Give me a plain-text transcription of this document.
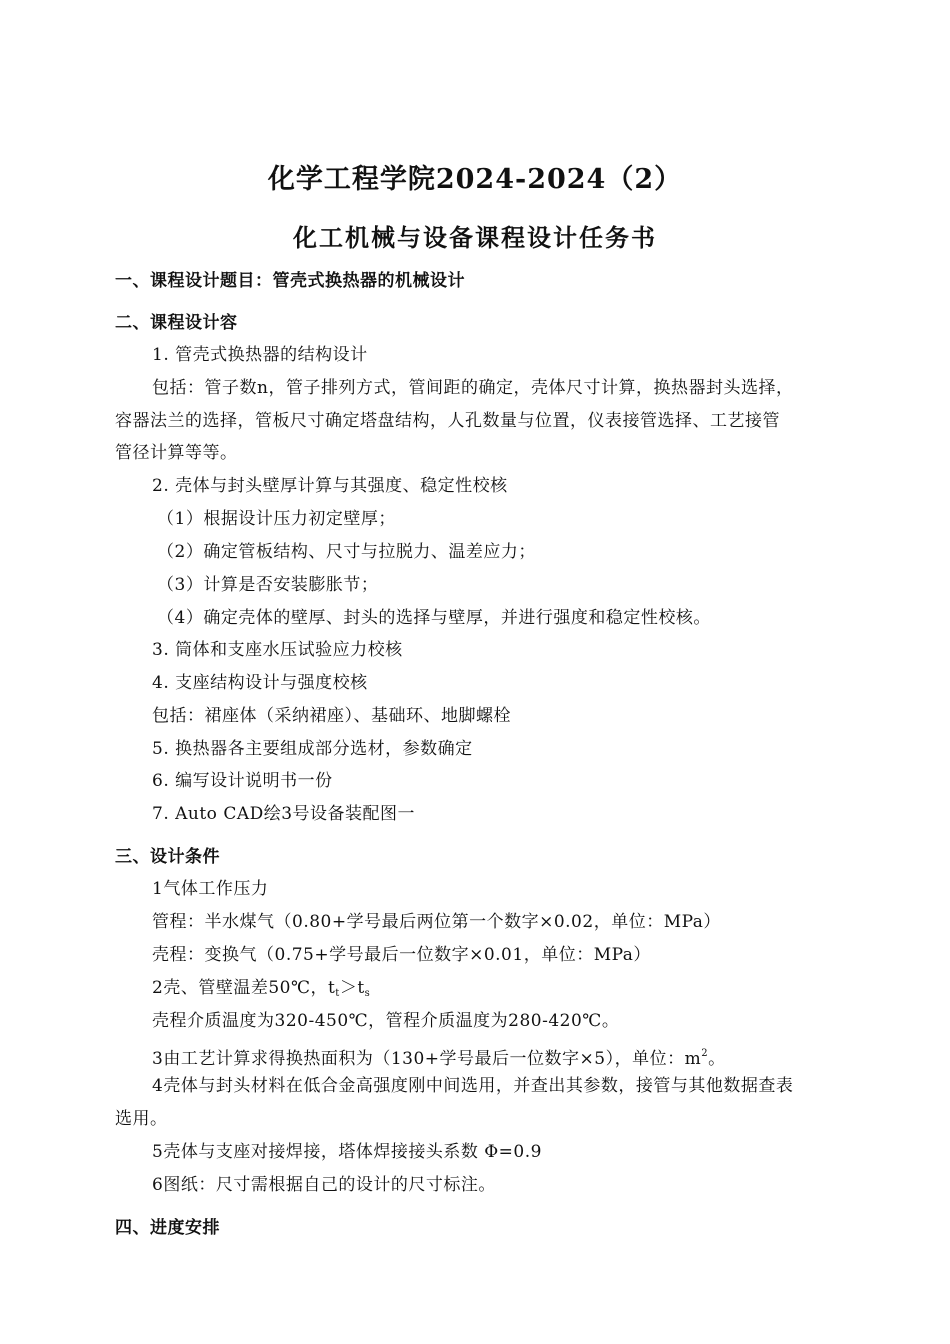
化学工程学院2024-2024（2）
化工机械与设备课程设计任务书
一、课程设计题目：管壳式换热器的机械设计
二、课程设计容
1. 管壳式换热器的结构设计
包括：管子数n，管子排列方式，管间距的确定，壳体尺寸计算，换热器封头选择，
容器法兰的选择，管板尺寸确定塔盘结构，人孔数量与位置，仪表接管选择、工艺接管
管径计算等等。
2. 壳体与封头壁厚计算与其强度、稳定性校核
（1）根据设计压力初定壁厚；
（2）确定管板结构、尺寸与拉脱力、温差应力；
（3）计算是否安装膨胀节；
（4）确定壳体的壁厚、封头的选择与壁厚，并进行强度和稳定性校核。
3. 筒体和支座水压试验应力校核
4. 支座结构设计与强度校核
包括：裙座体（采纳裙座）、基础环、地脚螺栓
5. 换热器各主要组成部分选材，参数确定
6. 编写设计说明书一份
7. Auto CAD绘3号设备装配图一
三、设计条件
1气体工作压力
管程：半水煤气（0.80+学号最后两位第一个数字×0.02，单位：MPa）
壳程：变换气（0.75+学号最后一位数字×0.01，单位：MPa）
2壳、管壁温差50℃，$t_t>t_s$
壳程介质温度为320-450℃，管程介质温度为280-420℃。
3由工艺计算求得换热面积为（130+学号最后一位数字×5），单位：$m^2$。
4壳体与封头材料在低合金高强度刚中间选用，并查出其参数，接管与其他数据查表
选用。
5壳体与支座对接焊接，塔体焊接接头系数 Φ=0.9
6图纸：尺寸需根据自己的设计的尺寸标注。
四、进度安排
